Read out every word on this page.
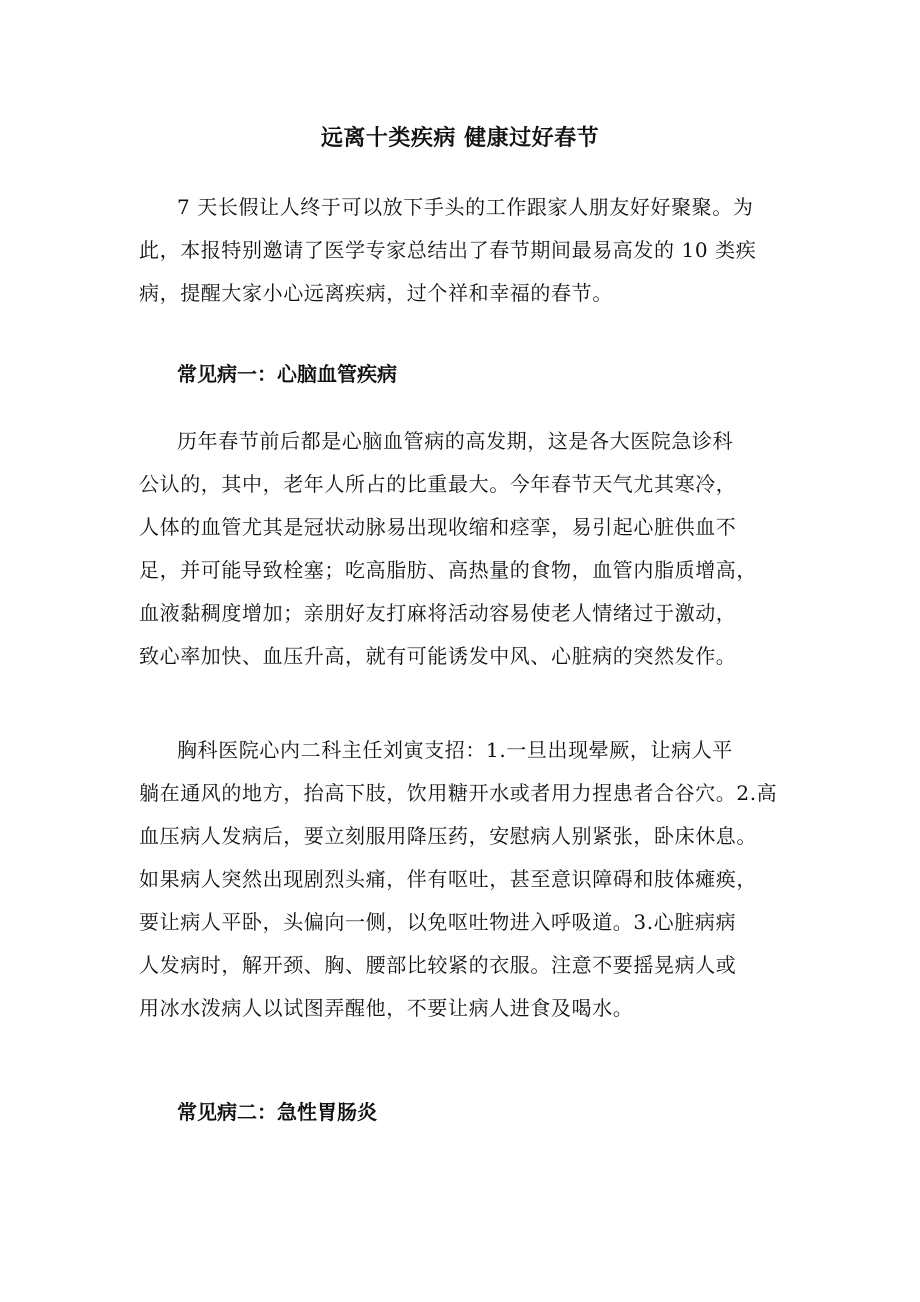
远离十类疾病 健康过好春节
7 天长假让人终于可以放下手头的工作跟家人朋友好好聚聚。为
此，本报特别邀请了医学专家总结出了春节期间最易高发的 10 类疾
病，提醒大家小心远离疾病，过个祥和幸福的春节。
常见病一：心脑血管疾病
历年春节前后都是心脑血管病的高发期，这是各大医院急诊科
公认的，其中，老年人所占的比重最大。今年春节天气尤其寒冷，
人体的血管尤其是冠状动脉易出现收缩和痉挛，易引起心脏供血不
足，并可能导致栓塞；吃高脂肪、高热量的食物，血管内脂质增高，
血液黏稠度增加；亲朋好友打麻将活动容易使老人情绪过于激动，
致心率加快、血压升高，就有可能诱发中风、心脏病的突然发作。
胸科医院心内二科主任刘寅支招：1.一旦出现晕厥，让病人平
躺在通风的地方，抬高下肢，饮用糖开水或者用力捏患者合谷穴。2.高
血压病人发病后，要立刻服用降压药，安慰病人别紧张，卧床休息。
如果病人突然出现剧烈头痛，伴有呕吐，甚至意识障碍和肢体瘫痪，
要让病人平卧，头偏向一侧，以免呕吐物进入呼吸道。3.心脏病病
人发病时，解开颈、胸、腰部比较紧的衣服。注意不要摇晃病人或
用冰水泼病人以试图弄醒他，不要让病人进食及喝水。
常见病二：急性胃肠炎
